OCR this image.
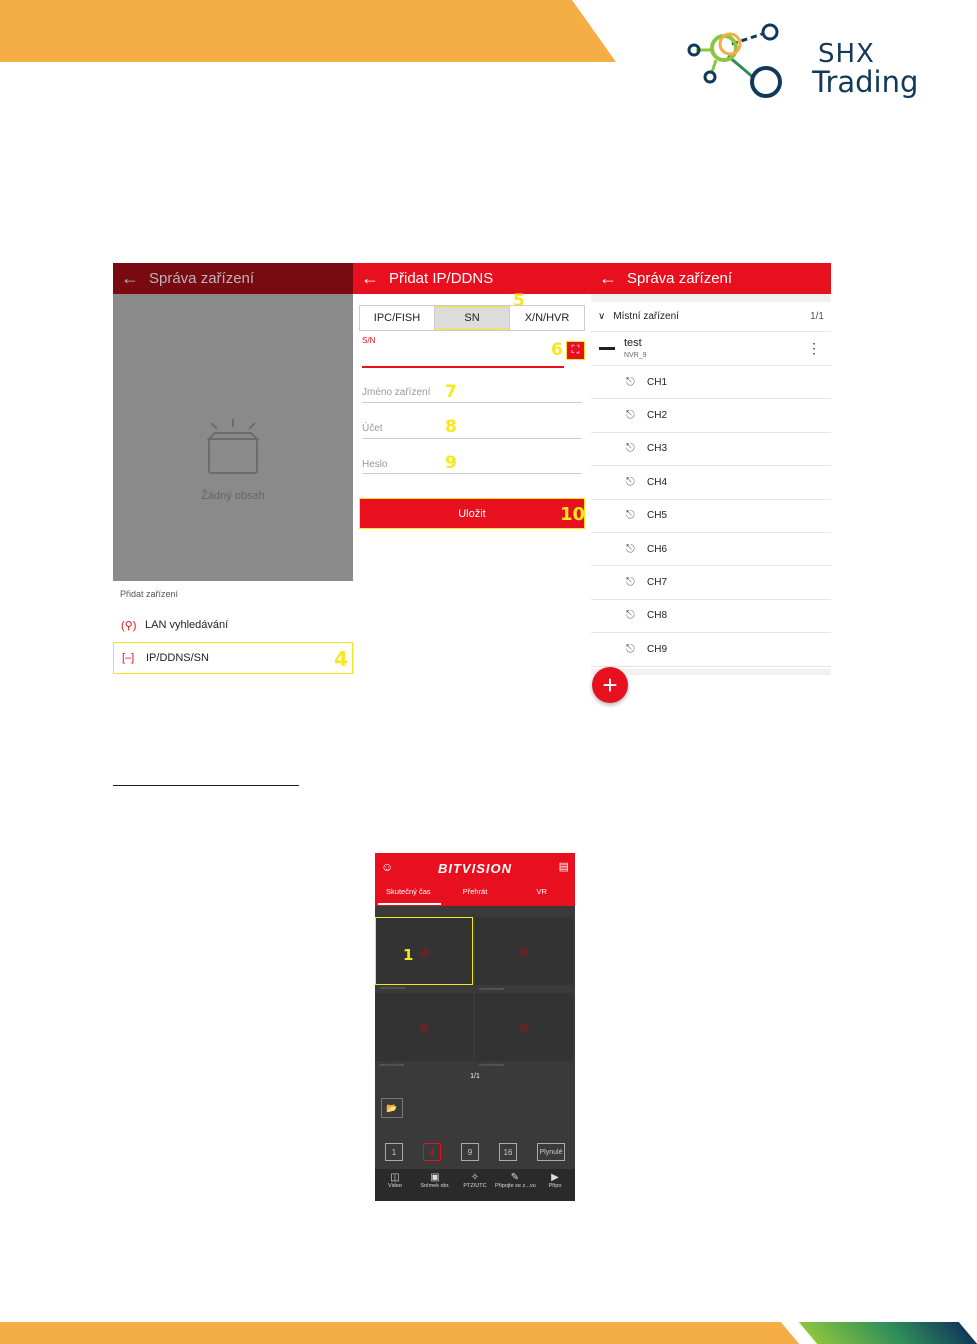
SHX
Trading
← Správa zařízení
Žádný obsah
Přidat zařízení
(⚲) LAN vyhledávání
[–]	IP/DDNS/SN	4
← Přidat IP/DDNS
5
IPC/FISH	SN	X/N/HVR
S/N	6 ⛶
Jméno zařízení 7
Účet	8
Heslo	9
Uložit	10
← Správa zařízení
∨ Místní zařízení	1/1
test
NVR_9	⋮
⎋	CH1
⎋	CH2
⎋	CH3
⎋	CH4
⎋	CH5
⎋	CH6
⎋	CH7
⎋	CH8
⎋	CH9
+
☺	BITVISION	▤
Skutečný čas	Přehrát	VR
1
zařízení/kanál	zařízení/kanál
zařízení/kanál	zařízení/kanál
1/1
📂
1	4	9	16	Plynulé
◫
Video
▣
Snímek obr.
✧
PTZ/UTC
✎
Připojte se z...vu
▶
Připo
